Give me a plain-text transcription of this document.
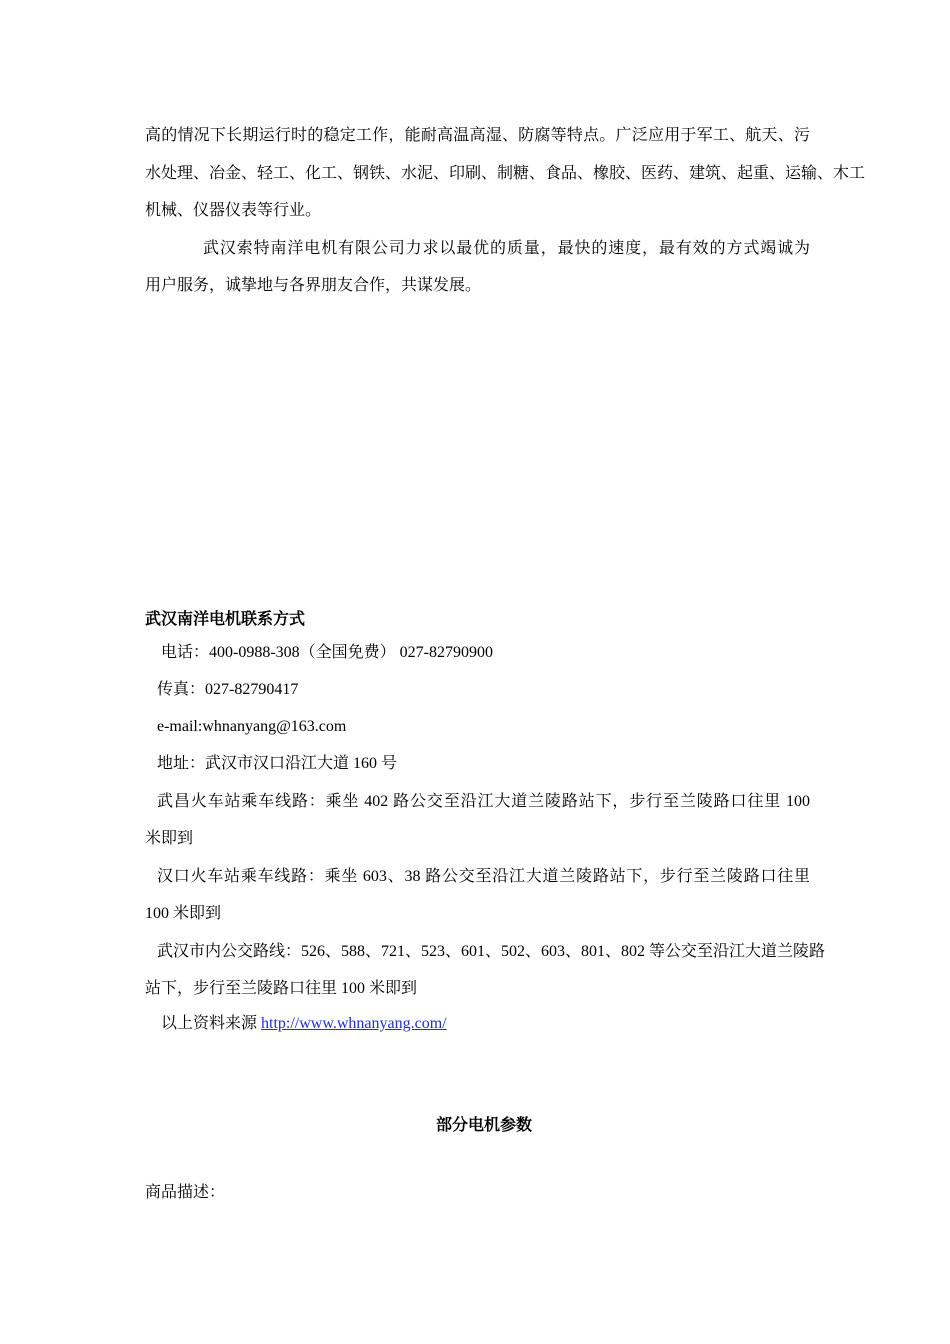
高的情况下长期运行时的稳定工作，能耐高温高湿、防腐等特点。广泛应用于军工、航天、污
水处理、冶金、轻工、化工、钢铁、水泥、印刷、制糖、食品、橡胶、医药、建筑、起重、运输、木工
机械、仪器仪表等行业。
武汉索特南洋电机有限公司力求以最优的质量，最快的速度，最有效的方式竭诚为
用户服务，诚挚地与各界朋友合作，共谋发展。
武汉南洋电机联系方式
电话：400-0988-308（全国免费） 027-82790900
传真：027-82790417
e-mail:whnanyang@163.com
地址：武汉市汉口沿江大道 160 号
武昌火车站乘车线路：乘坐 402 路公交至沿江大道兰陵路站下，步行至兰陵路口往里 100
米即到
汉口火车站乘车线路：乘坐 603、38 路公交至沿江大道兰陵路站下，步行至兰陵路口往里
100 米即到
武汉市内公交路线：526、588、721、523、601、502、603、801、802 等公交至沿江大道兰陵路
站下，步行至兰陵路口往里 100 米即到
以上资料来源 http://www.whnanyang.com/
部分电机参数
商品描述：
